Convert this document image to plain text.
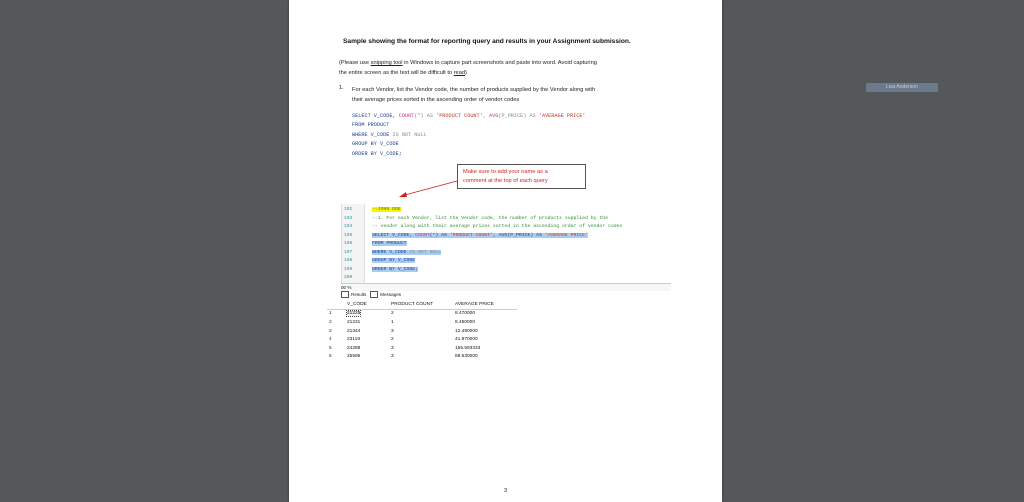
Lisa Anderson
Sample showing the format for reporting query and results in your Assignment submission.
(Please use snipping tool in Windows to capture part screenshots and paste into word. Avoid capturing
the entire screen as the text will be difficult to read)
1. For each Vendor, list the Vendor code, the number of products supplied by the Vendor along with
their average prices sorted in the ascending order of vendor codes
SELECT V_CODE, COUNT(*) AS 'PRODUCT COUNT', AVG(P_PRICE) AS 'AVERAGE PRICE'
FROM PRODUCT
WHERE V_CODE IS NOT NULL
GROUP BY V_CODE
ORDER BY V_CODE;
Make sure to add your name as a
comment at the top of each query
192
193
194
195
196
197
198
199
200
--JOHN DOE
--1. For each Vendor, list the Vendor code, the number of products supplied by the
-- vendor along with their average prices sorted in the ascending order of vendor codes
SELECT V_CODE, COUNT(*) AS 'PRODUCT COUNT', AVG(P_PRICE) AS 'AVERAGE PRICE'
FROM PRODUCT
WHERE V_CODE IS NOT NULL
GROUP BY V_CODE
ORDER BY V_CODE;
00 %
Results	Messages
	V_CODE	PRODUCT COUNT	AVERAGE PRICE
1	21225	2	8.470000
2	21231	1	8.450000
3	21344	3	12.490000
4	23119	2	41.970000
5	24288	3	155.593333
6	25595	3	89.630000
3
